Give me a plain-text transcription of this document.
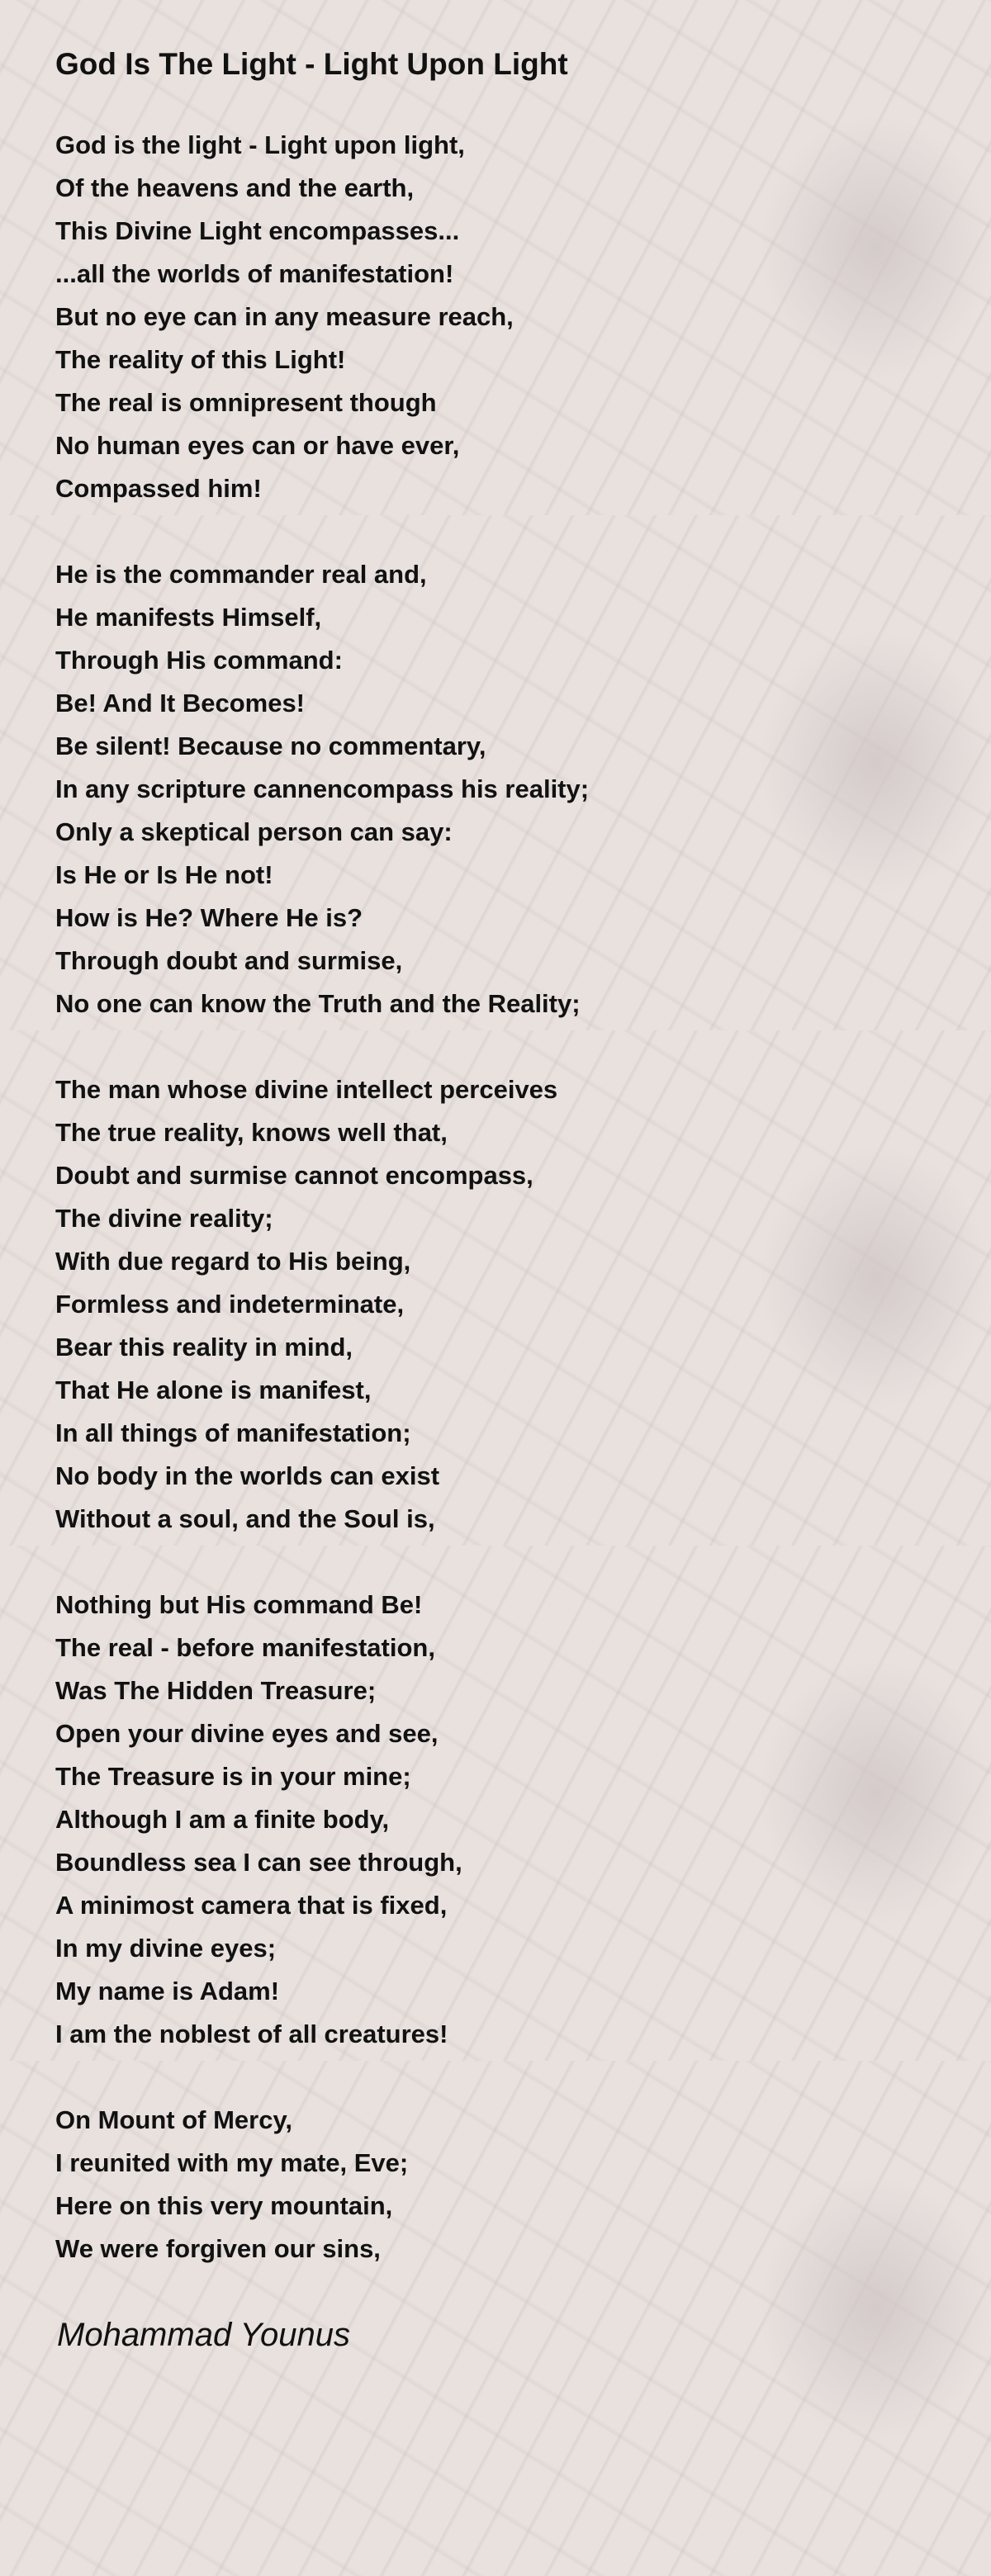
God Is The Light - Light Upon Light
God is the light - Light upon light,
Of the heavens and the earth,
This Divine Light encompasses...
...all the worlds of manifestation!
But no eye can in any measure reach,
The reality of this Light!
The real is omnipresent though
No human eyes can or have ever,
Compassed him!
He is the commander real and,
He manifests Himself,
Through His command:
Be! And It Becomes!
Be silent! Because no commentary,
In any scripture cannencompass his reality;
Only a skeptical person can say:
Is He or Is He not!
How is He? Where He is?
Through doubt and surmise,
No one can know the Truth and the Reality;
The man whose divine intellect perceives
The true reality, knows well that,
Doubt and surmise cannot encompass,
The divine reality;
With due regard to His being,
Formless and indeterminate,
Bear this reality in mind,
That He alone is manifest,
In all things of manifestation;
No body in the worlds can exist
Without a soul, and the Soul is,
Nothing but His command Be!
The real - before manifestation,
Was The Hidden Treasure;
Open your divine eyes and see,
The Treasure is in your mine;
Although I am a finite body,
Boundless sea I can see through,
A minimost camera that is fixed,
In my divine eyes;
My name is Adam!
I am the noblest of all creatures!
On Mount of Mercy,
I reunited with my mate, Eve;
Here on this very mountain,
We were forgiven our sins,
Mohammad Younus
